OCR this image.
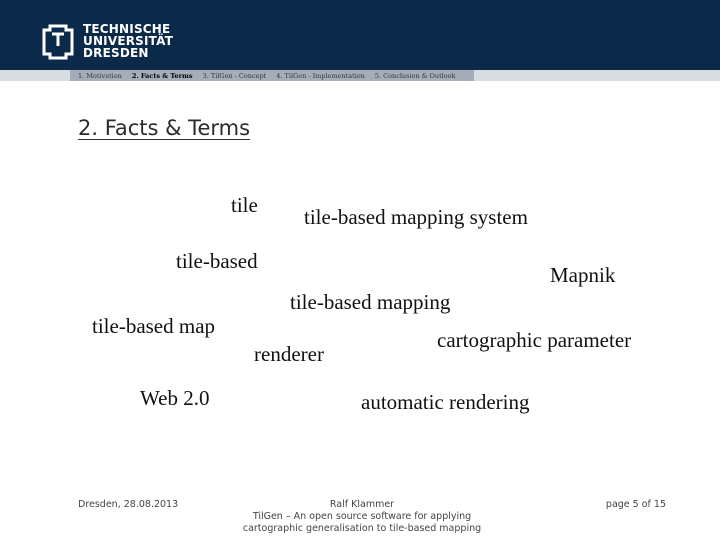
TECHNISCHE
UNIVERSITÄT
DRESDEN
1. Motivation 2. Facts & Terms 3. TilGen - Concept 4. TilGen - Implementation 5. Conclusion & Outlook
2. Facts & Terms
tile tile-based mapping system
tile-based
Mapnik
tile-based mapping
tile-based map
cartographic parameter
renderer
Web 2.0	automatic rendering
Dresden, 28.08.2013	Ralf Klammer
TilGen – An open source software for applying
cartographic generalisation to tile-based mapping
page 5 of 15
